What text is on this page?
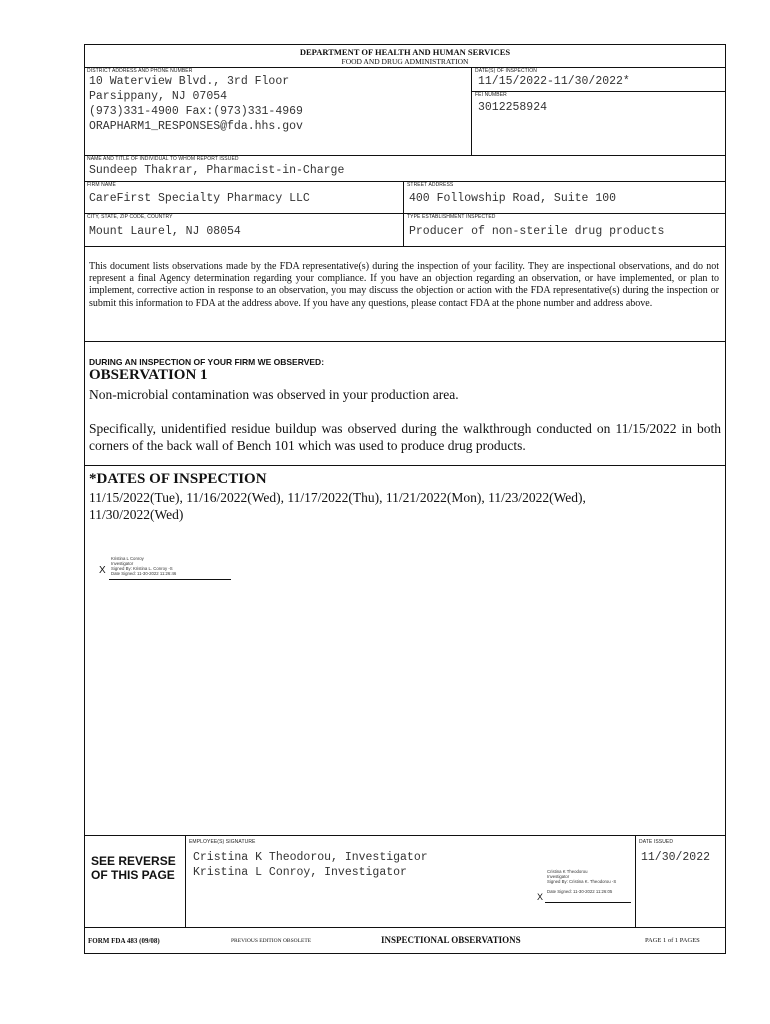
DEPARTMENT OF HEALTH AND HUMAN SERVICES
FOOD AND DRUG ADMINISTRATION
DISTRICT ADDRESS AND PHONE NUMBER
10 Waterview Blvd., 3rd Floor
Parsippany, NJ 07054
(973)331-4900 Fax:(973)331-4969
ORAPHARM1_RESPONSES@fda.hhs.gov
DATE(S) OF INSPECTION
11/15/2022-11/30/2022*
FEI NUMBER
3012258924
NAME AND TITLE OF INDIVIDUAL TO WHOM REPORT ISSUED
Sundeep Thakrar, Pharmacist-in-Charge
FIRM NAME
CareFirst Specialty Pharmacy LLC
STREET ADDRESS
400 Followship Road, Suite 100
CITY, STATE, ZIP CODE, COUNTRY
Mount Laurel, NJ 08054
TYPE ESTABLISHMENT INSPECTED
Producer of non-sterile drug products
This document lists observations made by the FDA representative(s) during the inspection of your facility. They are inspectional observations, and do not represent a final Agency determination regarding your compliance. If you have an objection regarding an observation, or have implemented, or plan to implement, corrective action in response to an observation, you may discuss the objection or action with the FDA representative(s) during the inspection or submit this information to FDA at the address above. If you have any questions, please contact FDA at the phone number and address above.
DURING AN INSPECTION OF YOUR FIRM WE OBSERVED:
OBSERVATION 1
Non-microbial contamination was observed in your production area.
Specifically, unidentified residue buildup was observed during the walkthrough conducted on 11/15/2022 in both corners of the back wall of Bench 101 which was used to produce drug products.
*DATES OF INSPECTION
11/15/2022(Tue), 11/16/2022(Wed), 11/17/2022(Thu), 11/21/2022(Mon), 11/23/2022(Wed), 11/30/2022(Wed)
Kristina L Conroy
Investigator
Signed By: Kristina L. Conroy -S
Date Signed: 11-30-2022 11:26:46
X
SEE REVERSE
OF THIS PAGE
EMPLOYEE(S) SIGNATURE
Cristina K Theodorou, Investigator
Kristina L Conroy, Investigator	Cristina K Theodorou
Investigator
Signed By: Cristina K. Theodorou -S
Date Signed: 11-30-2022 11:26:05
X
DATE ISSUED
11/30/2022
FORM FDA 483 (09/08)	PREVIOUS EDITION OBSOLETE	INSPECTIONAL OBSERVATIONS	PAGE 1 of 1 PAGES
